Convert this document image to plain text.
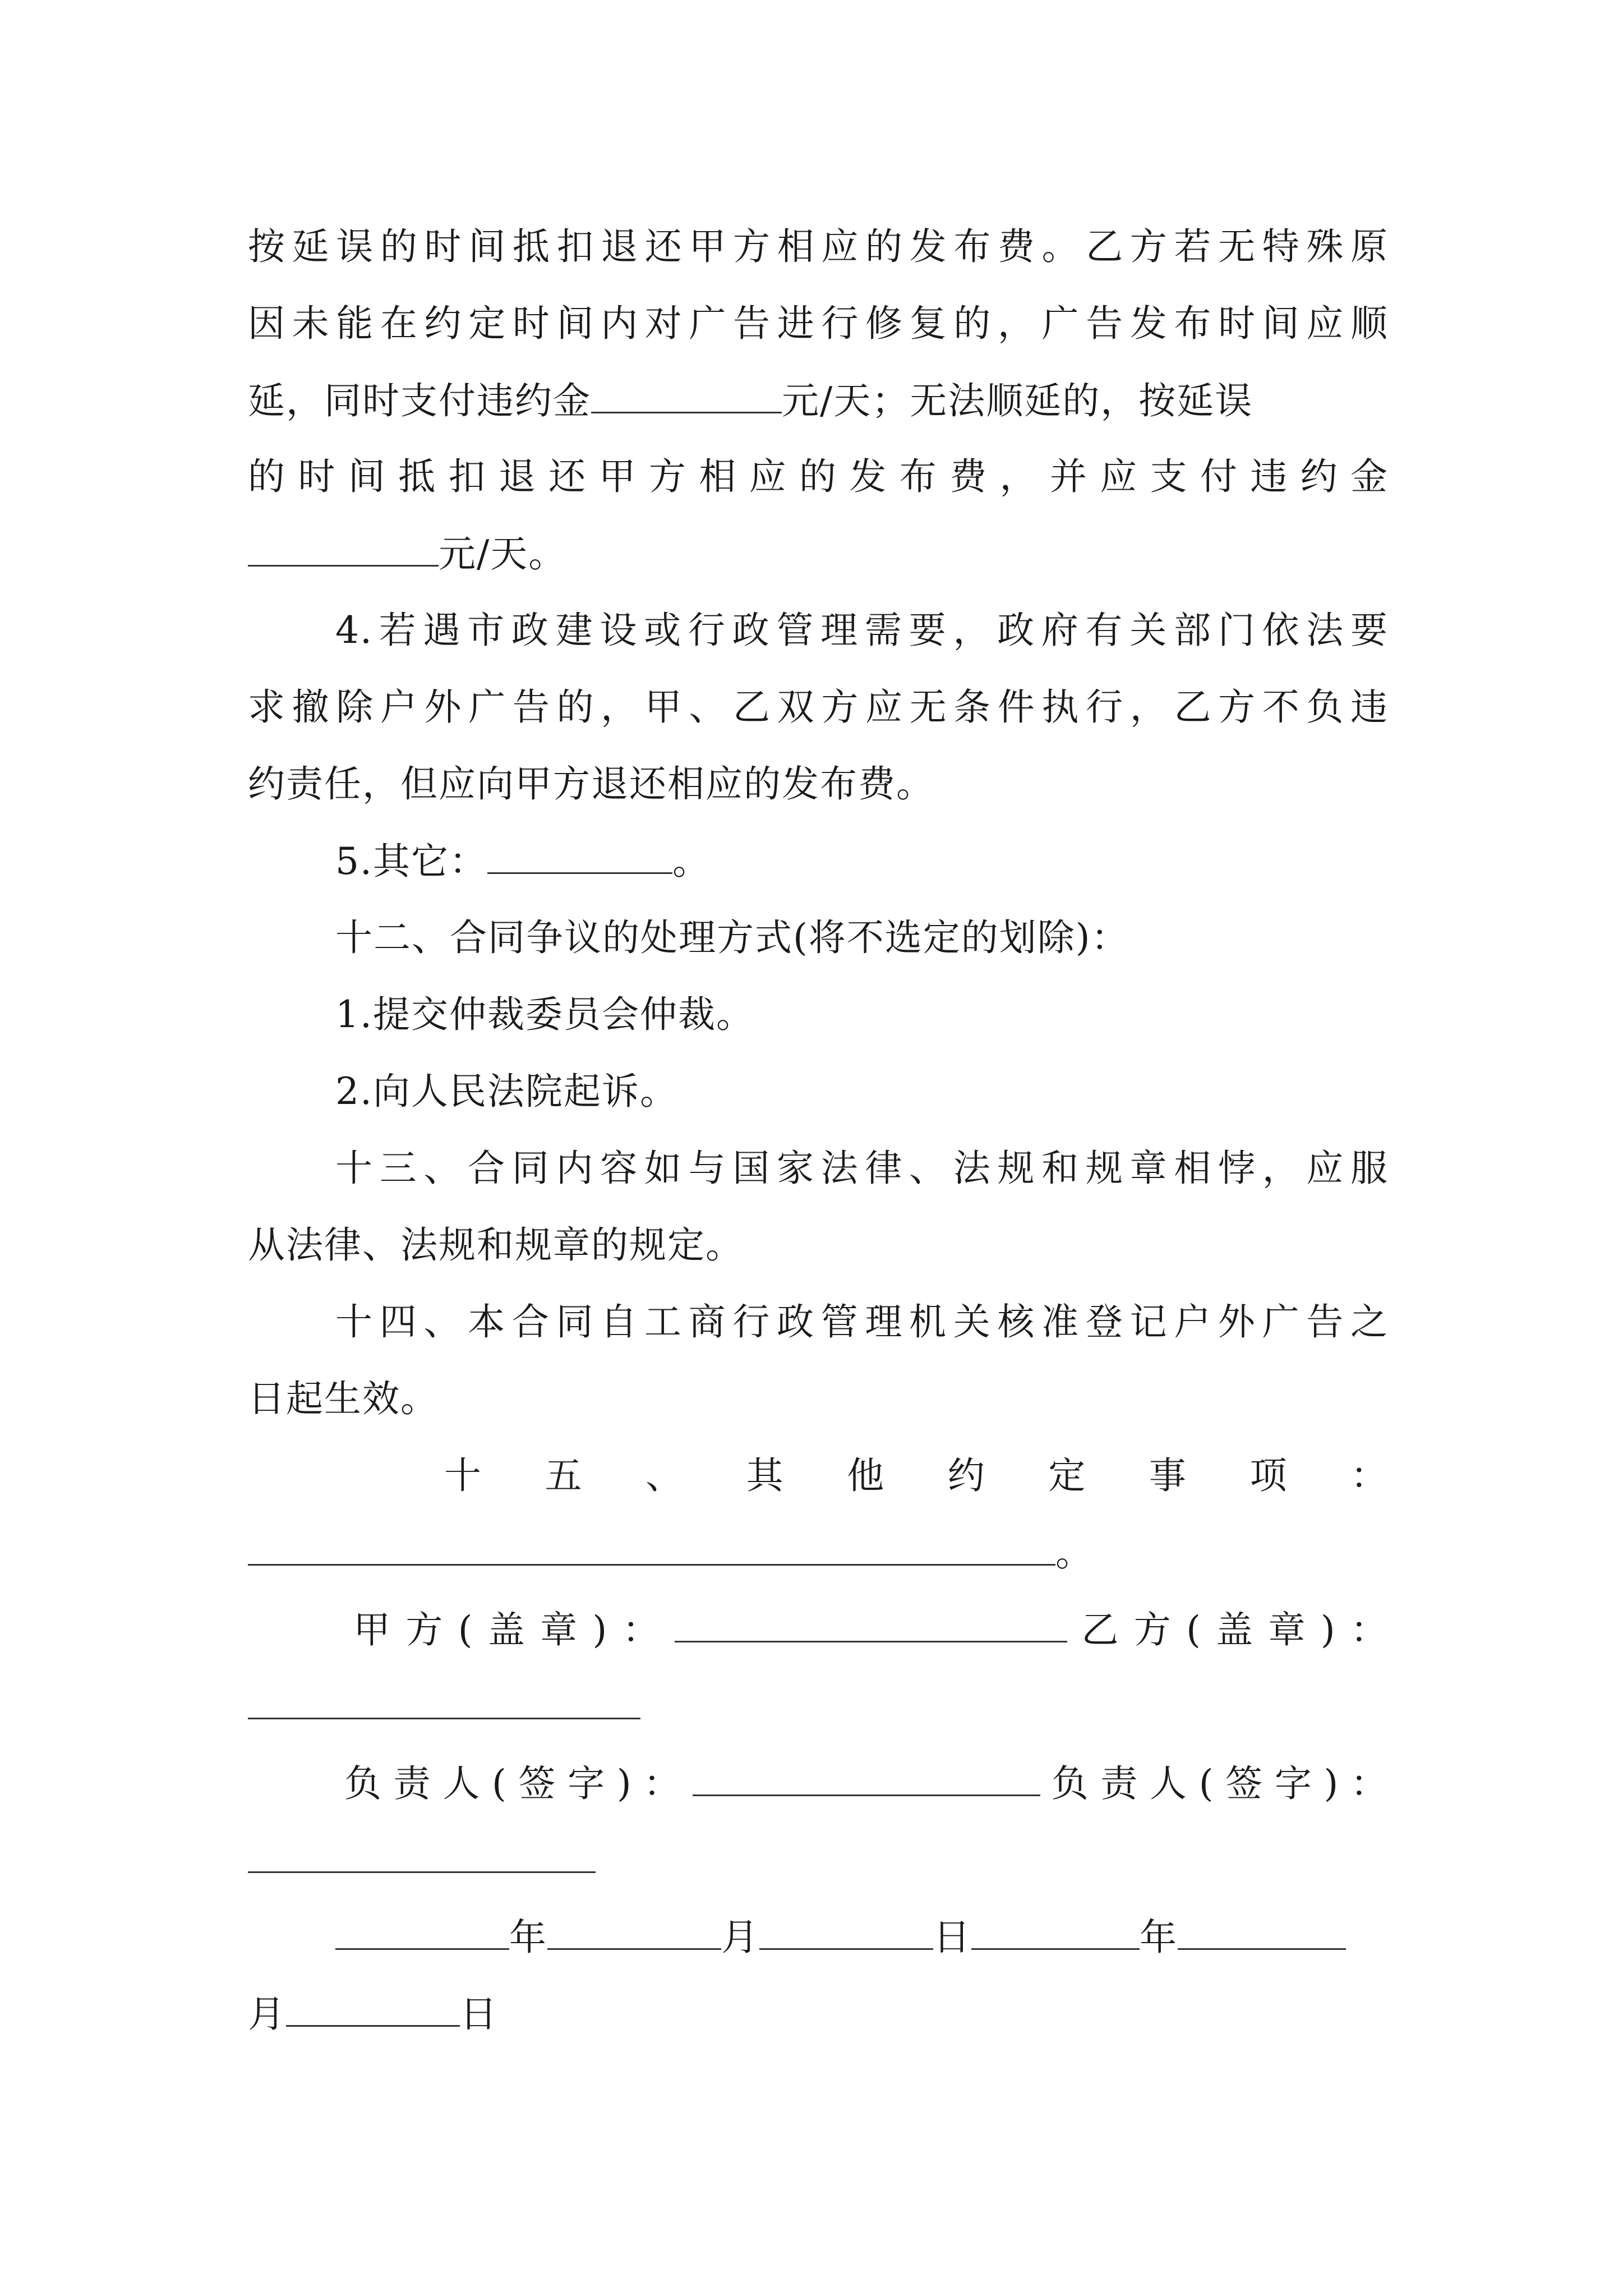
按延误的时间抵扣退还甲方相应的发布费。乙方若无特殊原
因未能在约定时间内对广告进行修复的，广告发布时间应顺
延，同时支付违约金	元/天；无法顺延的，按延误
的时间抵扣退还甲方相应的发布费，并应支付违约金
元/天。
4.若遇市政建设或行政管理需要，政府有关部门依法要
求撤除户外广告的，甲、乙双方应无条件执行，乙方不负违
约责任，但应向甲方退还相应的发布费。
5.其它：	。
十二、合同争议的处理方式(将不选定的划除)：
1.提交仲裁委员会仲裁。
2.向人民法院起诉。
十三、合同内容如与国家法律、法规和规章相悖，应服
从法律、法规和规章的规定。
十四、本合同自工商行政管理机关核准登记户外广告之
日起生效。
十五、其他约定事项：
。
甲方(盖章)：	乙方(盖章)：
负责人(签字)：	负责人(签字)：
年	月	日	年
月	日
